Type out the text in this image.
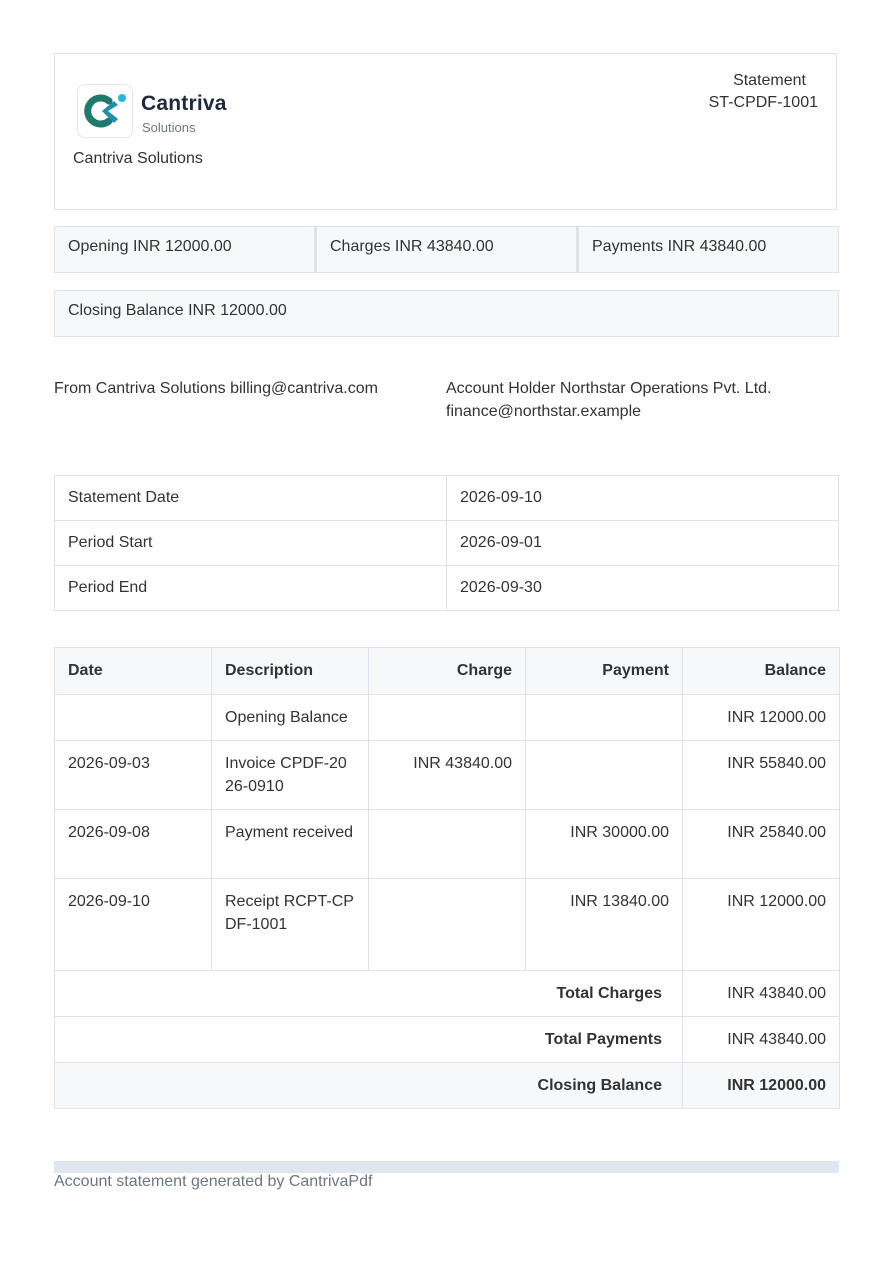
Cantriva
Solutions
Cantriva Solutions
Statement
ST-CPDF-1001
Opening INR 12000.00	Charges INR 43840.00	Payments INR 43840.00
Closing Balance INR 12000.00
From Cantriva Solutions billing@cantriva.com	Account Holder Northstar Operations Pvt. Ltd. finance@northstar.example
Statement Date	2026-09-10
Period Start	2026-09-01
Period End	2026-09-30
Date	Description	Charge	Payment	Balance
	Opening Balance			INR 12000.00
2026-09-03	Invoice CPDF-2026-0910	INR 43840.00		INR 55840.00
2026-09-08	Payment received		INR 30000.00	INR 25840.00
2026-09-10	Receipt RCPT-CPDF-1001		INR 13840.00	INR 12000.00
Total Charges				INR 43840.00
Total Payments				INR 43840.00
Closing Balance				INR 12000.00
Account statement generated by CantrivaPdf
